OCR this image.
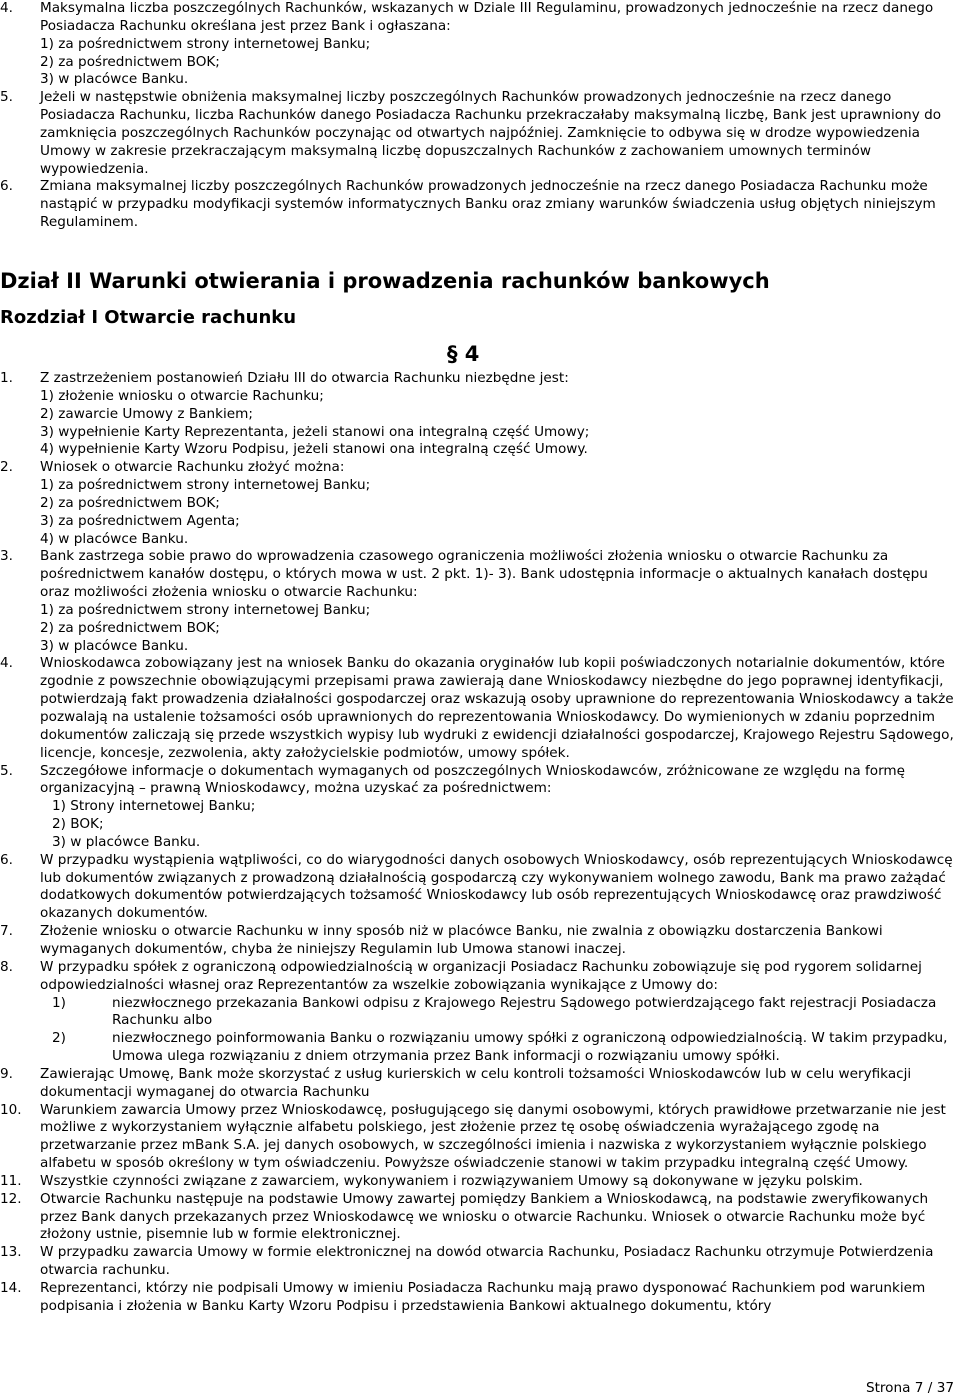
4. Maksymalna liczba poszczególnych Rachunków, wskazanych w Dziale III Regulaminu, prowadzonych jednocześnie na rzecz danego Posiadacza Rachunku określana jest przez Bank i ogłaszana:
1) za pośrednictwem strony internetowej Banku;
2) za pośrednictwem BOK;
3) w placówce Banku.
5. Jeżeli w następstwie obniżenia maksymalnej liczby poszczególnych Rachunków prowadzonych jednocześnie na rzecz danego Posiadacza Rachunku, liczba Rachunków danego Posiadacza Rachunku przekraczałaby maksymalną liczbę, Bank jest uprawniony do zamknięcia poszczególnych Rachunków poczynając od otwartych najpóźniej. Zamknięcie to odbywa się w drodze wypowiedzenia Umowy w zakresie przekraczającym maksymalną liczbę dopuszczalnych Rachunków z zachowaniem umownych terminów wypowiedzenia.
6. Zmiana maksymalnej liczby poszczególnych Rachunków prowadzonych jednocześnie na rzecz danego Posiadacza Rachunku może nastąpić w przypadku modyfikacji systemów informatycznych Banku oraz zmiany warunków świadczenia usług objętych niniejszym Regulaminem.
Dział II Warunki otwierania i prowadzenia rachunków bankowych
Rozdział I Otwarcie rachunku
§ 4
1. Z zastrzeżeniem postanowień Działu III do otwarcia Rachunku niezbędne jest:
1) złożenie wniosku o otwarcie Rachunku;
2) zawarcie Umowy z Bankiem;
3) wypełnienie Karty Reprezentanta, jeżeli stanowi ona integralną część Umowy;
4) wypełnienie Karty Wzoru Podpisu, jeżeli stanowi ona integralną część Umowy.
2. Wniosek o otwarcie Rachunku złożyć można:
1) za pośrednictwem strony internetowej Banku;
2) za pośrednictwem BOK;
3) za pośrednictwem Agenta;
4) w placówce Banku.
3. Bank zastrzega sobie prawo do wprowadzenia czasowego ograniczenia możliwości złożenia wniosku o otwarcie Rachunku za pośrednictwem kanałów dostępu, o których mowa w ust. 2 pkt. 1)- 3). Bank udostępnia informacje o aktualnych kanałach dostępu oraz możliwości złożenia wniosku o otwarcie Rachunku:
1) za pośrednictwem strony internetowej Banku;
2) za pośrednictwem BOK;
3) w placówce Banku.
4. Wnioskodawca zobowiązany jest na wniosek Banku do okazania oryginałów lub kopii poświadczonych notarialnie dokumentów, które zgodnie z powszechnie obowiązującymi przepisami prawa zawierają dane Wnioskodawcy niezbędne do jego poprawnej identyfikacji, potwierdzają fakt prowadzenia działalności gospodarczej oraz wskazują osoby uprawnione do reprezentowania Wnioskodawcy a także pozwalają na ustalenie tożsamości osób uprawnionych do reprezentowania Wnioskodawcy. Do wymienionych w zdaniu poprzednim dokumentów zaliczają się przede wszystkich wypisy lub wydruki z ewidencji działalności gospodarczej, Krajowego Rejestru Sądowego, licencje, koncesje, zezwolenia, akty założycielskie podmiotów, umowy spółek.
5. Szczegółowe informacje o dokumentach wymaganych od poszczególnych Wnioskodawców, zróżnicowane ze względu na formę organizacyjną – prawną Wnioskodawcy, można uzyskać za pośrednictwem:
1) Strony internetowej Banku;
2) BOK;
3) w placówce Banku.
6. W przypadku wystąpienia wątpliwości, co do wiarygodności danych osobowych Wnioskodawcy, osób reprezentujących Wnioskodawcę lub dokumentów związanych z prowadzoną działalnością gospodarczą czy wykonywaniem wolnego zawodu, Bank ma prawo zażądać dodatkowych dokumentów potwierdzających tożsamość Wnioskodawcy lub osób reprezentujących Wnioskodawcę oraz prawdziwość okazanych dokumentów.
7. Złożenie wniosku o otwarcie Rachunku w inny sposób niż w placówce Banku, nie zwalnia z obowiązku dostarczenia Bankowi wymaganych dokumentów, chyba że niniejszy Regulamin lub Umowa stanowi inaczej.
8. W przypadku spółek z ograniczoną odpowiedzialnością w organizacji Posiadacz Rachunku zobowiązuje się pod rygorem solidarnej odpowiedzialności własnej oraz Reprezentantów za wszelkie zobowiązania wynikające z Umowy do:
1)	niezwłocznego przekazania Bankowi odpisu z Krajowego Rejestru Sądowego potwierdzającego fakt rejestracji Posiadacza Rachunku albo
2)	niezwłocznego poinformowania Banku o rozwiązaniu umowy spółki z ograniczoną odpowiedzialnością. W takim przypadku, Umowa ulega rozwiązaniu z dniem otrzymania przez Bank informacji o rozwiązaniu umowy spółki.
9. Zawierając Umowę, Bank może skorzystać z usług kurierskich w celu kontroli tożsamości Wnioskodawców lub w celu weryfikacji dokumentacji wymaganej do otwarcia Rachunku
10. Warunkiem zawarcia Umowy przez Wnioskodawcę, posługującego się danymi osobowymi, których prawidłowe przetwarzanie nie jest możliwe z wykorzystaniem wyłącznie alfabetu polskiego, jest złożenie przez tę osobę oświadczenia wyrażającego zgodę na przetwarzanie przez mBank S.A. jej danych osobowych, w szczególności imienia i nazwiska z wykorzystaniem wyłącznie polskiego alfabetu w sposób określony w tym oświadczeniu. Powyższe oświadczenie stanowi w takim przypadku integralną część Umowy.
11. Wszystkie czynności związane z zawarciem, wykonywaniem i rozwiązywaniem Umowy są dokonywane w języku polskim.
12. Otwarcie Rachunku następuje na podstawie Umowy zawartej pomiędzy Bankiem a Wnioskodawcą, na podstawie zweryfikowanych przez Bank danych przekazanych przez Wnioskodawcę we wniosku o otwarcie Rachunku. Wniosek o otwarcie Rachunku może być złożony ustnie, pisemnie lub w formie elektronicznej.
13. W przypadku zawarcia Umowy w formie elektronicznej na dowód otwarcia Rachunku, Posiadacz Rachunku otrzymuje Potwierdzenia otwarcia rachunku.
14. Reprezentanci, którzy nie podpisali Umowy w imieniu Posiadacza Rachunku mają prawo dysponować Rachunkiem pod warunkiem podpisania i złożenia w Banku Karty Wzoru Podpisu i przedstawienia Bankowi aktualnego dokumentu, który
Strona 7 / 37
